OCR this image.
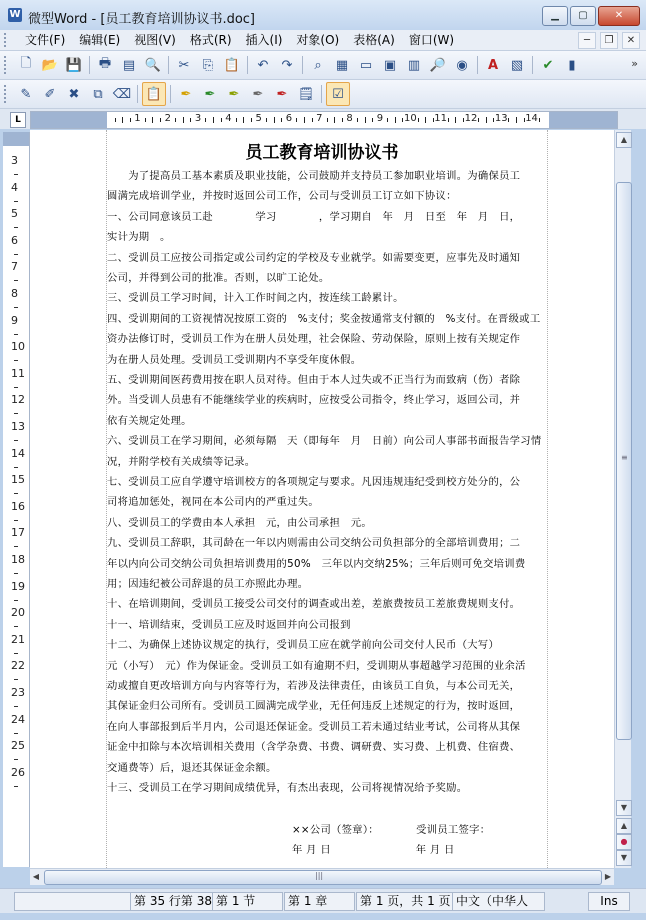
W 微型Word - [员工教育培训协议书.doc]	▁	▢	✕
文件(F)	编辑(E)	视图(V)	格式(R)	插入(I)	对象(O)	表格(A)	窗口(W)	─	❐	✕
🗋 📂 💾	🖶 ▤ 🔍	✂	⎘ 📋	↶	↷	⌕	▦ ▭ ▣ ▥ 🔎 ◉	A ▧	✔	▮	»
✎	✐	✖	⧉ ⌫	📋	✒	✒	✒	✒	✒ 🗒	☑
L	1 2 3 4 5 6 7 8 9 10 11 12 13 14
3
4
5
6
7
8
9
10
11
12
13
14
15
16
17
18
19
20
21
22
23
24
25
26
员工教育培训协议书
　　为了提高员工基本素质及职业技能，公司鼓励并支持员工参加职业培训。为确保员工
圆满完成培训学业，并按时返回公司工作，公司与受训员工订立如下协议：
一、公司同意该员工赴　　　　学习　　　　，学习期自　年　月　日至　年　月　日，
实计为期　。
二、受训员工应按公司指定或公司约定的学校及专业就学。如需要变更，应事先及时通知
公司，并得到公司的批准。否则，以旷工论处。
三、受训员工学习时间，计入工作时间之内，按连续工龄累计。
四、受训期间的工资视情况按原工资的　%支付；奖金按通常支付额的　%支付。在晋级或工
资办法修订时，受训员工作为在册人员处理，社会保险、劳动保险，原则上按有关规定作
为在册人员处理。受训员工受训期内不享受年度休假。
五、受训期间医药费用按在职人员对待。但由于本人过失或不正当行为而致病（伤）者除
外。当受训人员患有不能继续学业的疾病时，应按受公司指令，终止学习，返回公司，并
依有关规定处理。
六、受训员工在学习期间，必须每隔　天（即每年　月　日前）向公司人事部书面报告学习情
况，并附学校有关成绩等记录。
七、受训员工应自学遵守培训校方的各项规定与要求。凡因违规违纪受到校方处分的，公
司将追加惩处，视同在本公司内的严重过失。
八、受训员工的学费由本人承担　元，由公司承担　元。
九、受训员工辞职，其司龄在一年以内则需由公司交纳公司负担部分的全部培训费用；二
年以内向公司交纳公司负担培训费用的50%　三年以内交纳25%；三年后则可免交培训费
用；因违纪被公司辞退的员工亦照此办理。
十、在培训期间，受训员工接受公司交付的调查或出差，差旅费按员工差旅费规则支付。
十一、培训结束，受训员工应及时返回并向公司报到
十二、为确保上述协议规定的执行，受训员工应在就学前向公司交付人民币（大写）
元（小写）　元）作为保证金。受训员工如有逾期不归，受训期从事超越学习范围的业余活
动或擅自更改培训方向与内容等行为，若涉及法律责任，由该员工自负，与本公司无关，
其保证金归公司所有。受训员工圆满完成学业，无任何违反上述规定的行为，按时返回，
在向人事部报到后半月内，公司退还保证金。受训员工若未通过结业考试，公司将从其保
证金中扣除与本次培训相关费用（含学杂费、书费、调研费、实习费、上机费、住宿费、
交通费等）后，退还其保证金余额。
十三、受训员工在学习期间成绩优异，有杰出表现，公司将视情况给予奖励。
××公司（签章）：　　　　受训员工签字：
年 月 日　　　　　　　　年 月 日
▲
≡
▼
▲
●
▼
◀	|||	▶
第 35 行第 38 第 1 节	第 1 章	第 1 页，共 1 页 中文（中华人	Ins
